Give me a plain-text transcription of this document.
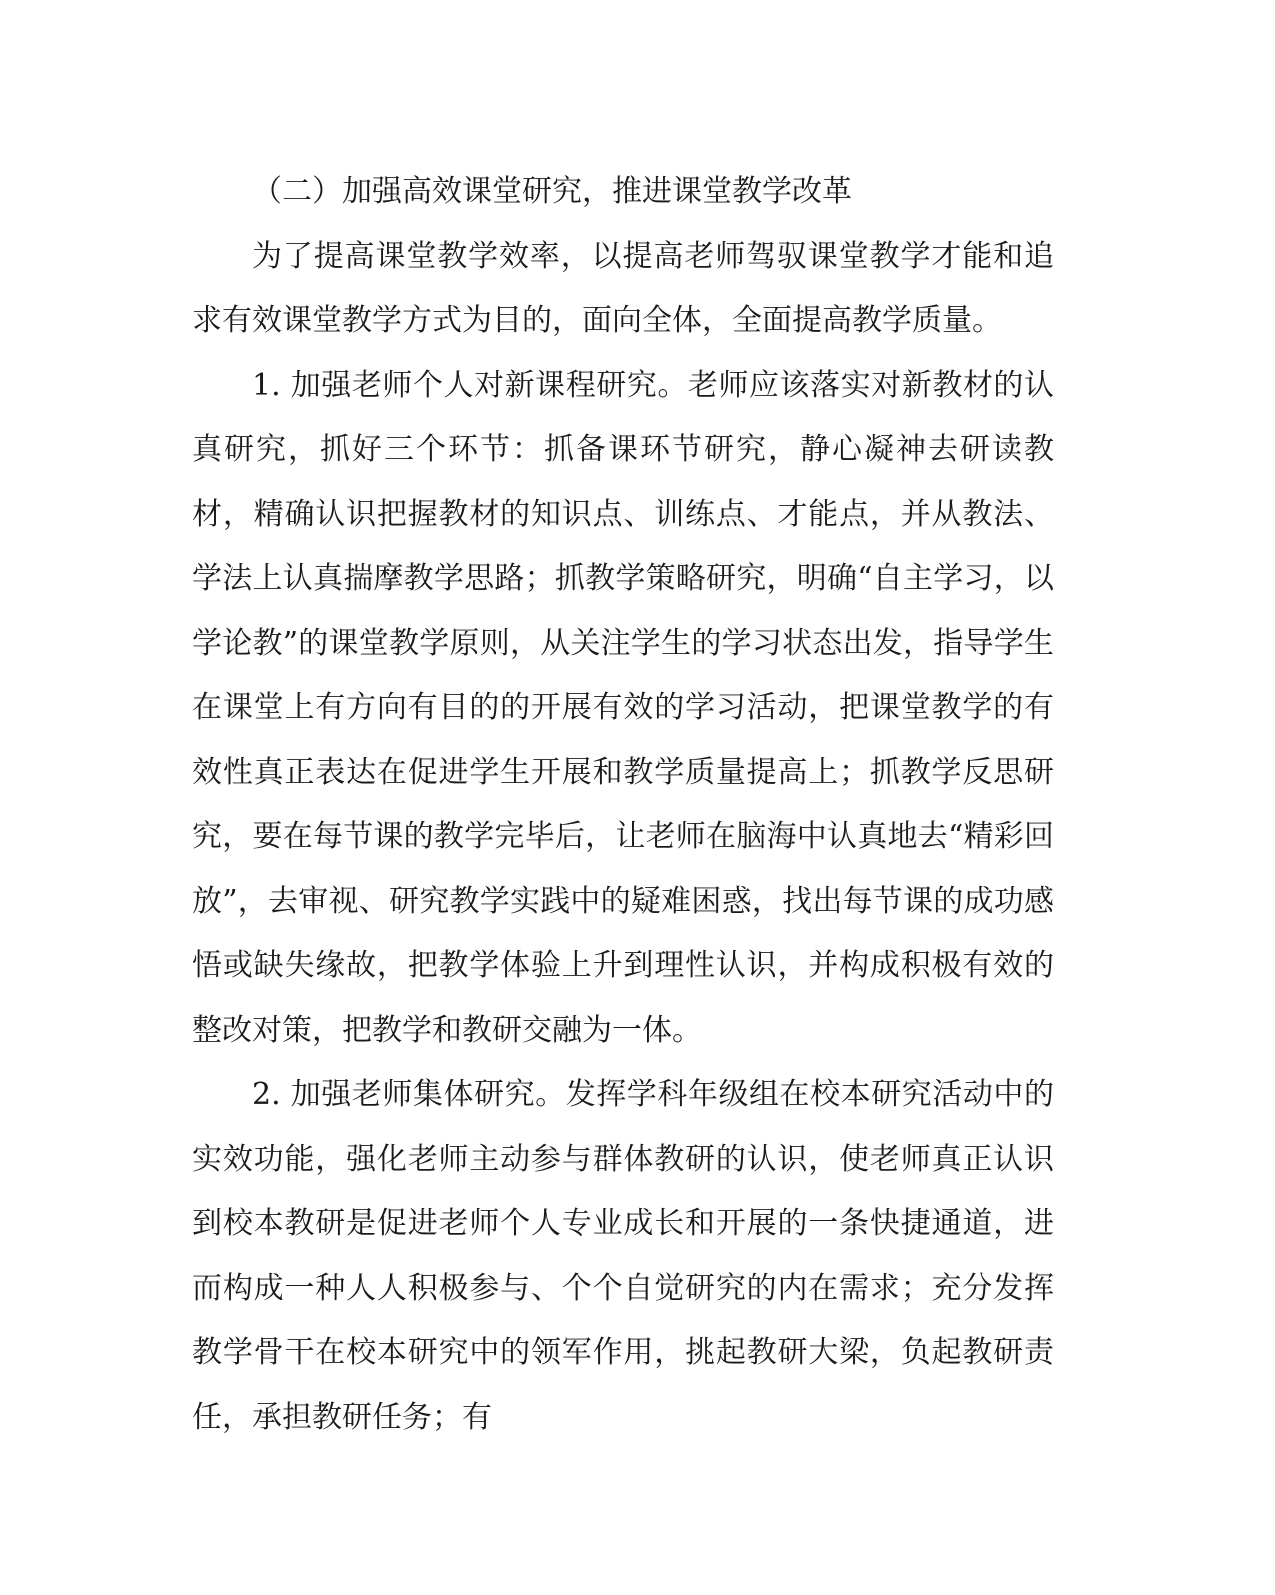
（二）加强高效课堂研究，推进课堂教学改革

为了提高课堂教学效率，以提高老师驾驭课堂教学才能和追求有效课堂教学方式为目的，面向全体，全面提高教学质量。

1. 加强老师个人对新课程研究。老师应该落实对新教材的认真研究，抓好三个环节：抓备课环节研究，静心凝神去研读教材，精确认识把握教材的知识点、训练点、才能点，并从教法、学法上认真揣摩教学思路；抓教学策略研究，明确“自主学习，以学论教”的课堂教学原则，从关注学生的学习状态出发，指导学生在课堂上有方向有目的的开展有效的学习活动，把课堂教学的有效性真正表达在促进学生开展和教学质量提高上；抓教学反思研究，要在每节课的教学完毕后，让老师在脑海中认真地去“精彩回放”，去审视、研究教学实践中的疑难困惑，找出每节课的成功感悟或缺失缘故，把教学体验上升到理性认识，并构成积极有效的整改对策，把教学和教研交融为一体。

2. 加强老师集体研究。发挥学科年级组在校本研究活动中的实效功能，强化老师主动参与群体教研的认识，使老师真正认识到校本教研是促进老师个人专业成长和开展的一条快捷通道，进而构成一种人人积极参与、个个自觉研究的内在需求；充分发挥教学骨干在校本研究中的领军作用，挑起教研大梁，负起教研责任，承担教研任务；有
